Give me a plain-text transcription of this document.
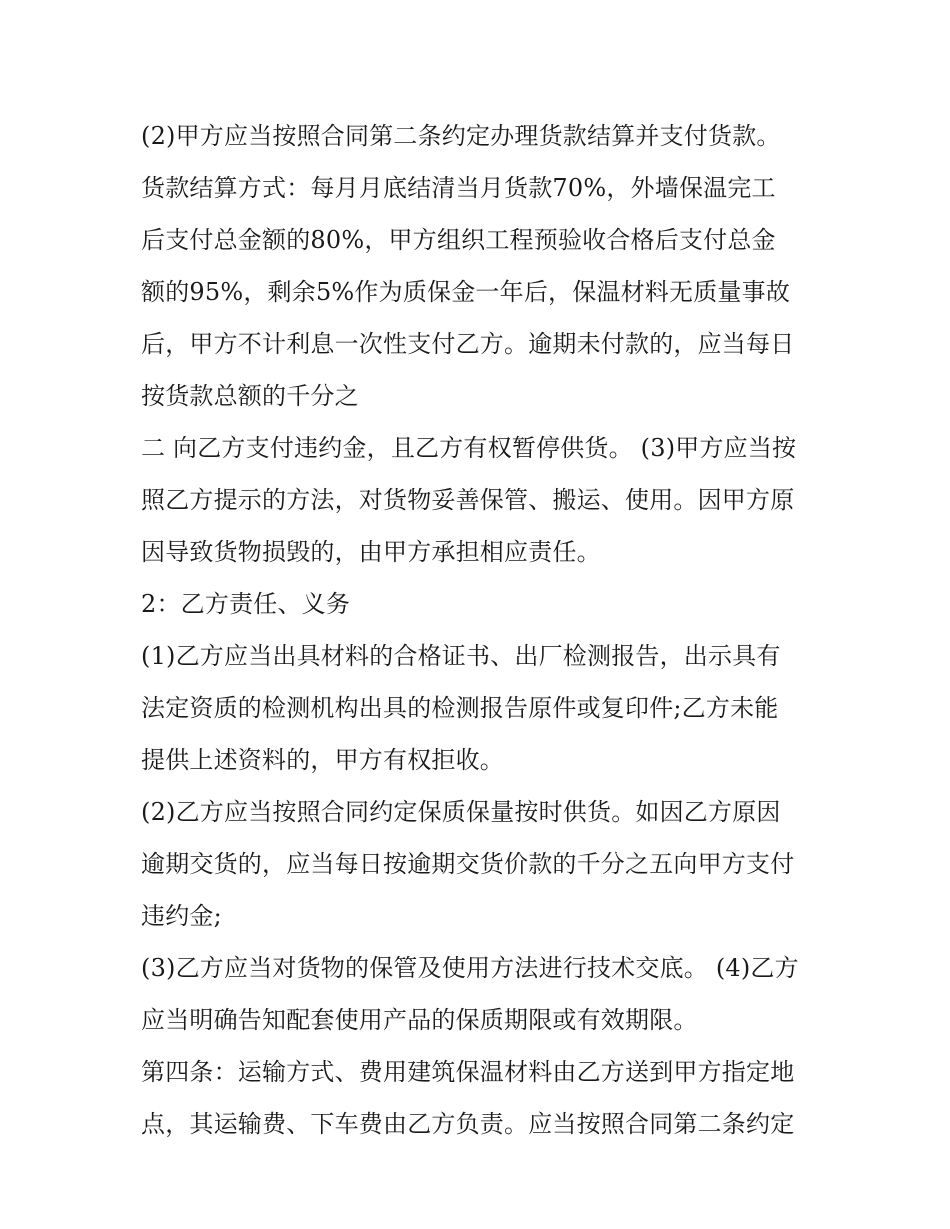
(2)甲方应当按照合同第二条约定办理货款结算并支付货款。
货款结算方式：每月月底结清当月货款70%，外墙保温完工
后支付总金额的80%，甲方组织工程预验收合格后支付总金
额的95%，剩余5%作为质保金一年后，保温材料无质量事故
后，甲方不计利息一次性支付乙方。逾期未付款的，应当每日
按货款总额的千分之
二 向乙方支付违约金，且乙方有权暂停供货。 (3)甲方应当按
照乙方提示的方法，对货物妥善保管、搬运、使用。因甲方原
因导致货物损毁的，由甲方承担相应责任。
2：乙方责任、义务
(1)乙方应当出具材料的合格证书、出厂检测报告，出示具有
法定资质的检测机构出具的检测报告原件或复印件;乙方未能
提供上述资料的，甲方有权拒收。
(2)乙方应当按照合同约定保质保量按时供货。如因乙方原因
逾期交货的，应当每日按逾期交货价款的千分之五向甲方支付
违约金;
(3)乙方应当对货物的保管及使用方法进行技术交底。 (4)乙方
应当明确告知配套使用产品的保质期限或有效期限。
第四条：运输方式、费用建筑保温材料由乙方送到甲方指定地
点，其运输费、下车费由乙方负责。应当按照合同第二条约定
